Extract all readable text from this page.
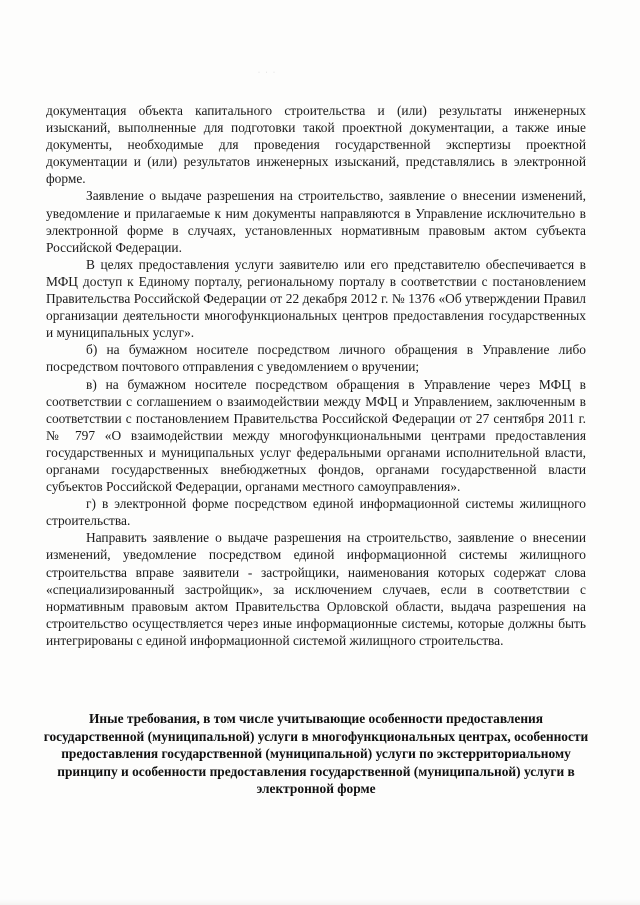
· · ·

документация объекта капитального строительства и (или) результаты инженерных изысканий, выполненные для подготовки такой проектной документации, а также иные документы, необходимые для проведения государственной экспертизы проектной документации и (или) результатов инженерных изысканий, представлялись в электронной форме.

Заявление о выдаче разрешения на строительство, заявление о внесении изменений, уведомление и прилагаемые к ним документы направляются в Управление исключительно в электронной форме в случаях, установленных нормативным правовым актом субъекта Российской Федерации.

В целях предоставления услуги заявителю или его представителю обеспечивается в МФЦ доступ к Единому порталу, региональному порталу в соответствии с постановлением Правительства Российской Федерации от 22 декабря 2012 г. № 1376 «Об утверждении Правил организации деятельности многофункциональных центров предоставления государственных и муниципальных услуг».

б) на бумажном носителе посредством личного обращения в Управление либо посредством почтового отправления с уведомлением о вручении;

в) на бумажном носителе посредством обращения в Управление через МФЦ в соответствии с соглашением о взаимодействии между МФЦ и Управлением, заключенным в соответствии с постановлением Правительства Российской Федерации от 27 сентября 2011 г. № 797 «О взаимодействии между многофункциональными центрами предоставления государственных и муниципальных услуг федеральными органами исполнительной власти, органами государственных внебюджетных фондов, органами государственной власти субъектов Российской Федерации, органами местного самоуправления».

г) в электронной форме посредством единой информационной системы жилищного строительства.

Направить заявление о выдаче разрешения на строительство, заявление о внесении изменений, уведомление посредством единой информационной системы жилищного строительства вправе заявители - застройщики, наименования которых содержат слова «специализированный застройщик», за исключением случаев, если в соответствии с нормативным правовым актом Правительства Орловской области, выдача разрешения на строительство осуществляется через иные информационные системы, которые должны быть интегрированы с единой информационной системой жилищного строительства.

Иные требования, в том числе учитывающие особенности предоставления государственной (муниципальной) услуги в многофункциональных центрах, особенности предоставления государственной (муниципальной) услуги по экстерриториальному принципу и особенности предоставления государственной (муниципальной) услуги в электронной форме
